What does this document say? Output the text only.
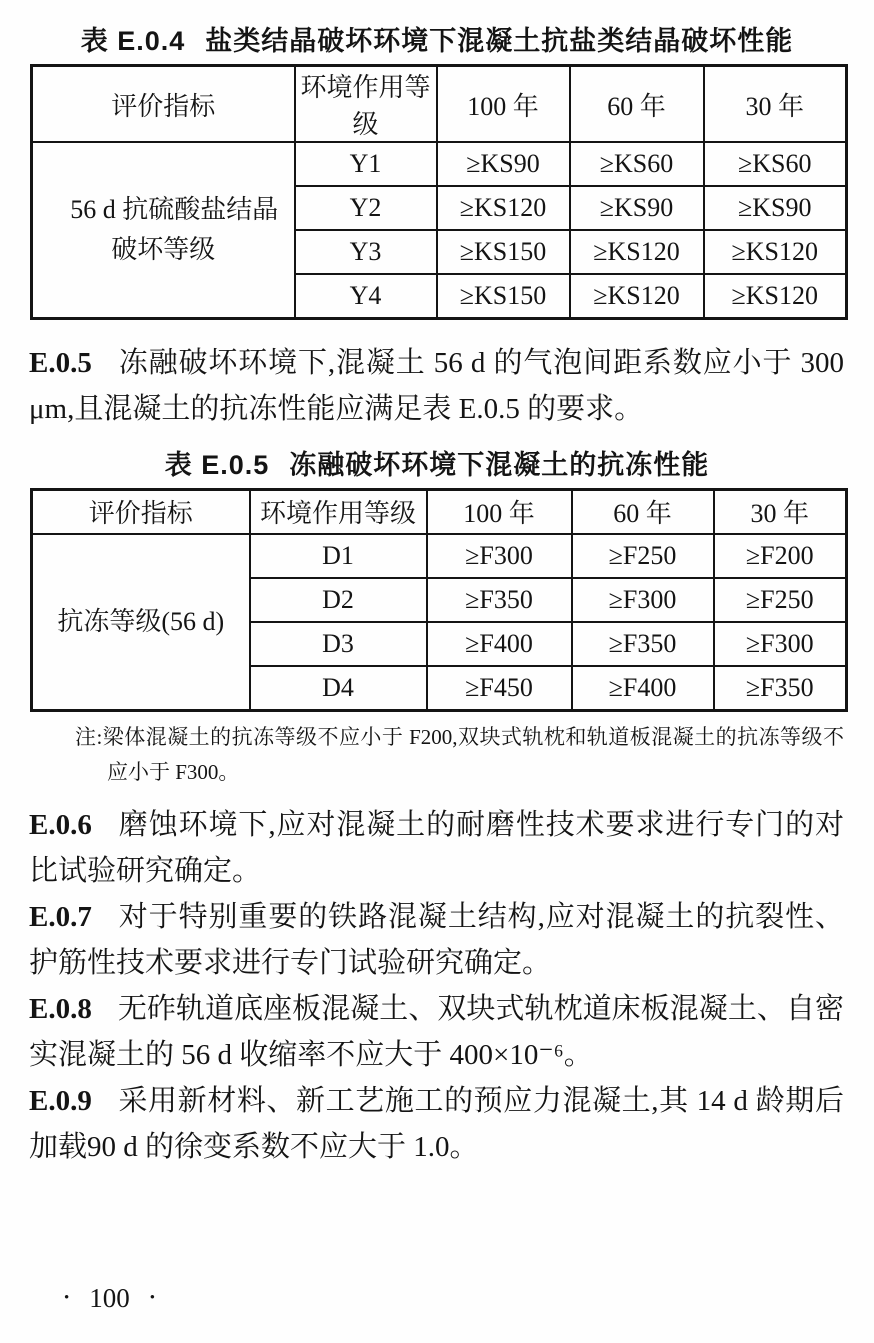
表 E.0.4 盐类结晶破坏环境下混凝土抗盐类结晶破坏性能
评价指标	环境作用等级	100 年	60 年	30 年
56 d 抗硫酸盐结晶破坏等级	Y1	≥KS90	≥KS60	≥KS60
	Y2	≥KS120	≥KS90	≥KS90
	Y3	≥KS150	≥KS120	≥KS120
	Y4	≥KS150	≥KS120	≥KS120

E.0.5 冻融破坏环境下,混凝土 56 d 的气泡间距系数应小于 300 μm,且混凝土的抗冻性能应满足表 E.0.5 的要求。

表 E.0.5 冻融破坏环境下混凝土的抗冻性能
评价指标	环境作用等级	100 年	60 年	30 年
抗冻等级(56 d)	D1	≥F300	≥F250	≥F200
	D2	≥F350	≥F300	≥F250
	D3	≥F400	≥F350	≥F300
	D4	≥F450	≥F400	≥F350
注:梁体混凝土的抗冻等级不应小于 F200,双块式轨枕和轨道板混凝土的抗冻等级不应小于 F300。

E.0.6 磨蚀环境下,应对混凝土的耐磨性技术要求进行专门的对比试验研究确定。

E.0.7 对于特别重要的铁路混凝土结构,应对混凝土的抗裂性、护筋性技术要求进行专门试验研究确定。

E.0.8 无砟轨道底座板混凝土、双块式轨枕道床板混凝土、自密实混凝土的 56 d 收缩率不应大于 400×10⁻⁶。

E.0.9 采用新材料、新工艺施工的预应力混凝土,其 14 d 龄期后加载90 d 的徐变系数不应大于 1.0。

• 100 •
